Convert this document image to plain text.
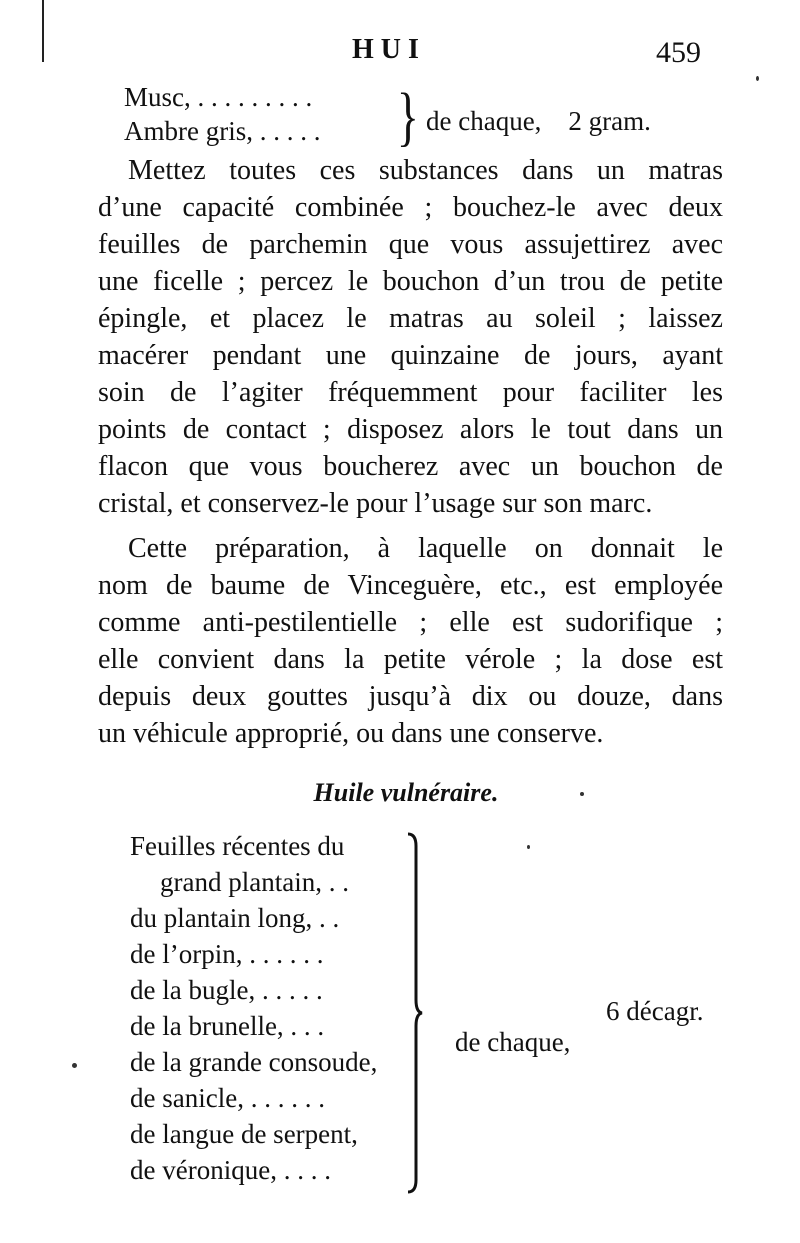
HUI	459
Musc, . . . . . . . . .
Ambre gris, . . . . . } de chaque,    2 gram.
Mettez toutes ces substances dans un matras
d’une capacité combinée ; bouchez-le avec deux
feuilles de parchemin que vous assujettirez avec
une ficelle ; percez le bouchon d’un trou de petite
épingle, et placez le matras au soleil ; laissez
macérer pendant une quinzaine de jours, ayant
soin de l’agiter fréquemment pour faciliter les
points de contact ; disposez alors le tout dans un
flacon que vous boucherez avec un bouchon de
cristal, et conservez-le pour l’usage sur son marc.
Cette préparation, à laquelle on donnait le
nom de baume de Vinceguère, etc., est employée
comme anti-pestilentielle ; elle est sudorifique ;
elle convient dans la petite vérole ; la dose est
depuis deux gouttes jusqu’à dix ou douze, dans
un véhicule approprié, ou dans une conserve.
Huile vulnéraire.
Feuilles récentes du
grand plantain, . .
du plantain long, . .
de l’orpin, . . . . . .
de la bugle, . . . . .
de la brunelle, . . .
de la grande consoude,
de sanicle, . . . . . .
de langue de serpent,
de véronique, . . . .

de chaque,

6 décagr.
